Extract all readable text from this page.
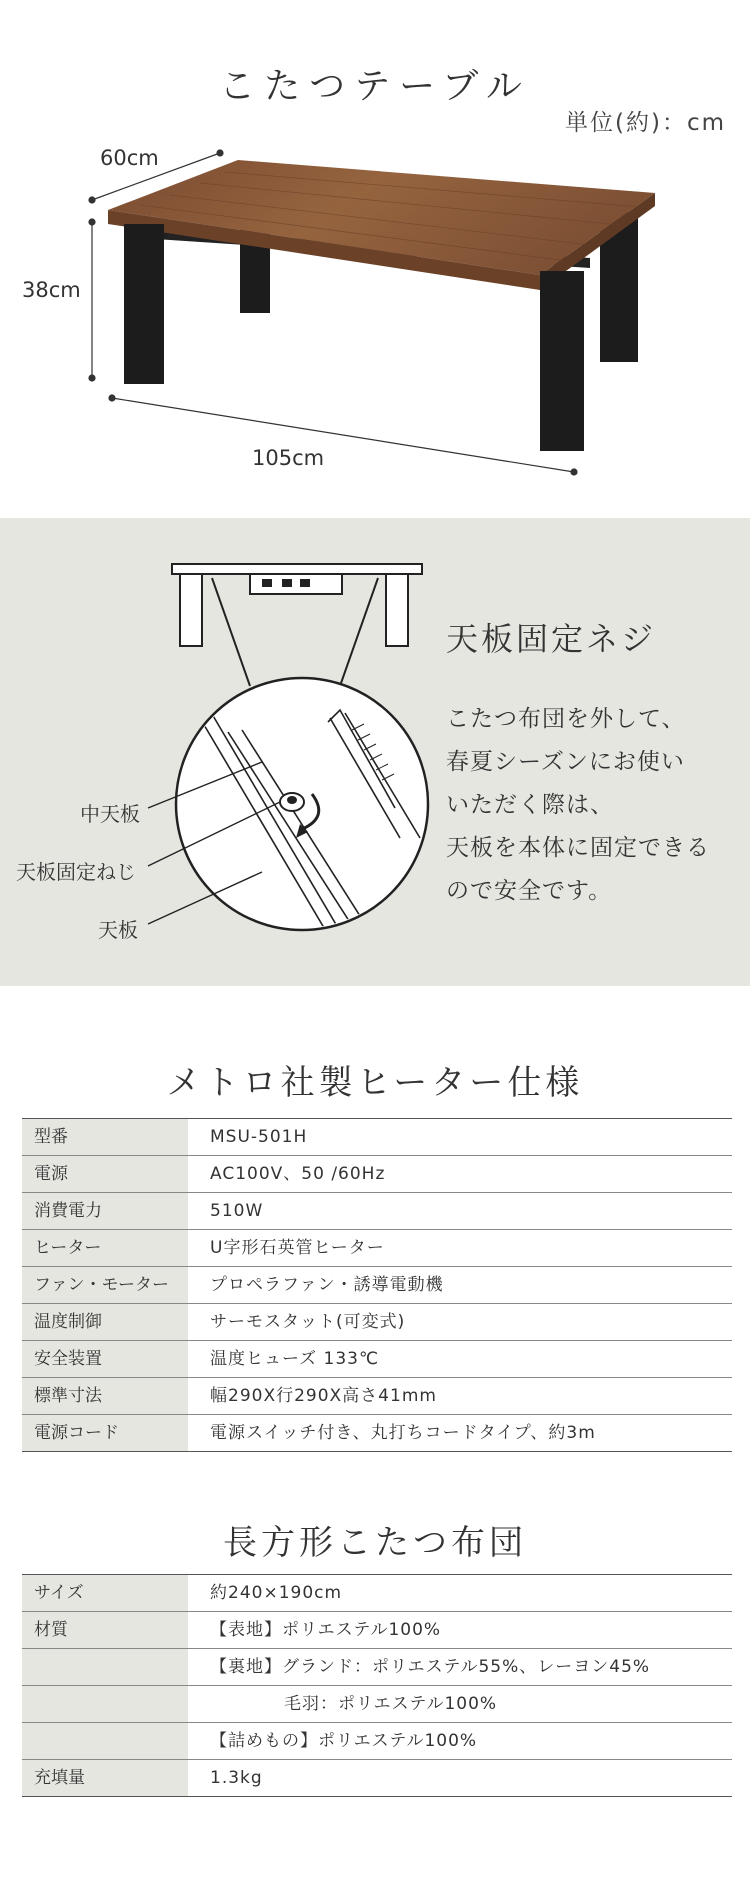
こたつテーブル
単位(約)：cm
60cm
38cm
105cm
中天板
天板固定ねじ
天板
天板固定ネジ
こたつ布団を外して、
春夏シーズンにお使い
いただく際は、
天板を本体に固定できる
ので安全です。
メトロ社製ヒーター仕様
型番	MSU-501H
電源	AC100V、50 /60Hz
消費電力	510W
ヒーター	U字形石英管ヒーター
ファン・モーター	プロペラファン・誘導電動機
温度制御	サーモスタット(可変式)
安全装置	温度ヒューズ 133℃
標準寸法	幅290X行290X高さ41mm
電源コード	電源スイッチ付き、丸打ちコードタイプ、約3m
長方形こたつ布団
サイズ	約240×190cm
材質	【表地】ポリエステル100%
【裏地】グランド：ポリエステル55%、レーヨン45%
毛羽：ポリエステル100%
【詰めもの】ポリエステル100%
充填量	1.3kg
